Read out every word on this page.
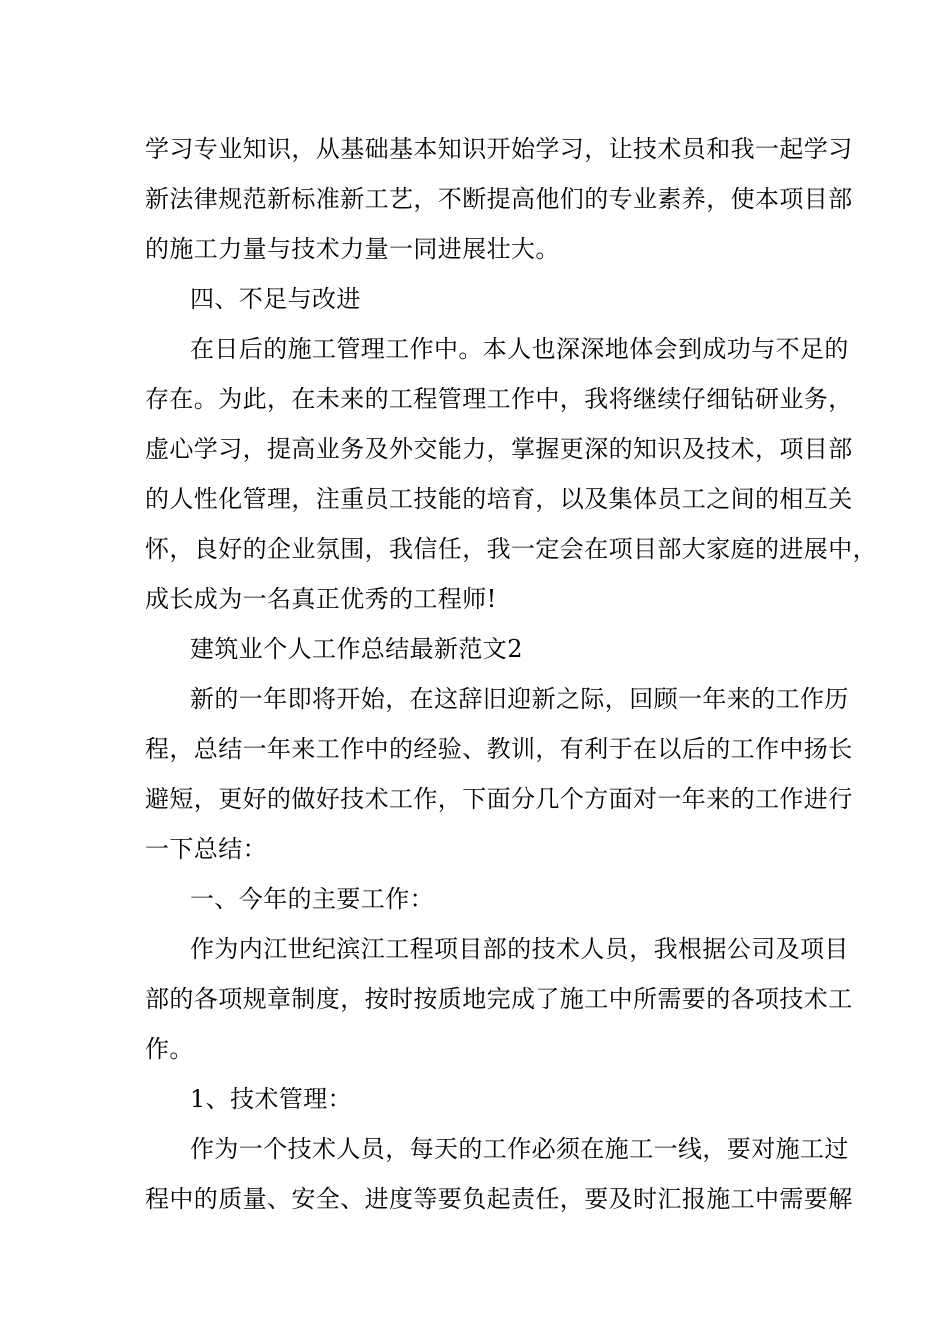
学习专业知识，从基础基本知识开始学习，让技术员和我一起学习
新法律规范新标准新工艺，不断提高他们的专业素养，使本项目部
的施工力量与技术力量一同进展壮大。
四、不足与改进
在日后的施工管理工作中。本人也深深地体会到成功与不足的
存在。为此，在未来的工程管理工作中，我将继续仔细钻研业务，
虚心学习，提高业务及外交能力，掌握更深的知识及技术，项目部
的人性化管理，注重员工技能的培育，以及集体员工之间的相互关
怀，良好的企业氛围，我信任，我一定会在项目部大家庭的进展中，
成长成为一名真正优秀的工程师!
建筑业个人工作总结最新范文2
新的一年即将开始，在这辞旧迎新之际，回顾一年来的工作历
程，总结一年来工作中的经验、教训，有利于在以后的工作中扬长
避短，更好的做好技术工作，下面分几个方面对一年来的工作进行
一下总结：
一、今年的主要工作：
作为内江世纪滨江工程项目部的技术人员，我根据公司及项目
部的各项规章制度，按时按质地完成了施工中所需要的各项技术工
作。
1、技术管理：
作为一个技术人员，每天的工作必须在施工一线，要对施工过
程中的质量、安全、进度等要负起责任，要及时汇报施工中需要解
